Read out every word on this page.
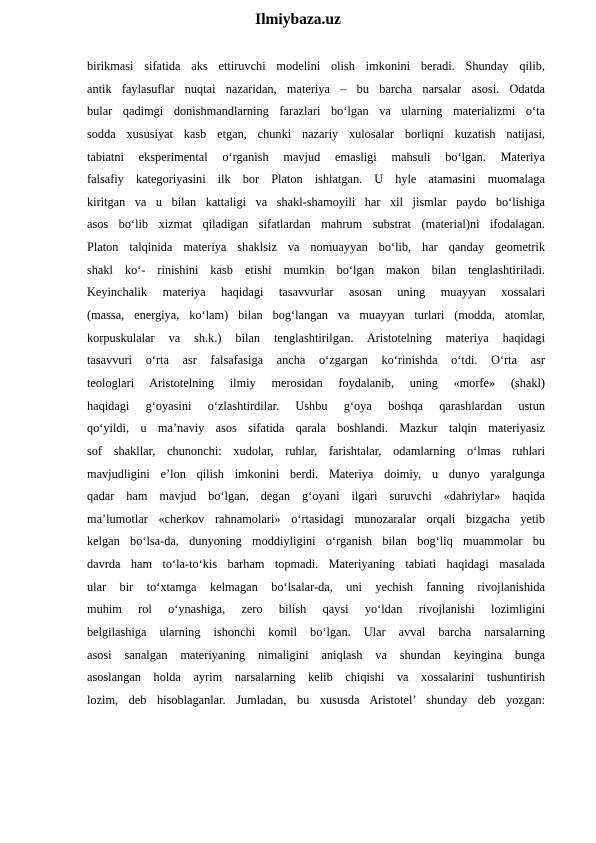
Ilmiybaza.uz
birikmasi sifatida aks ettiruvchi modelini olish imkonini beradi. Shunday qilib,
antik faylasuflar nuqtai nazaridan, materiya – bu barcha narsalar asosi. Odatda
bular qadimgi donishmandlarning farazlari bo‘lgan va ularning materializmi o‘ta
sodda xususiyat kasb etgan, chunki nazariy xulosalar borliqni kuzatish natijasi,
tabiatni eksperimental o‘rganish mavjud emasligi mahsuli bo‘lgan. Materiya
falsafiy kategoriyasini ilk bor Platon ishlatgan. U hyle atamasini muomalaga
kiritgan va u bilan kattaligi va shakl-shamoyili har xil jismlar paydo bo‘lishiga
asos bo‘lib xizmat qiladigan sifatlardan mahrum substrat (material)ni ifodalagan.
Platon talqinida materiya shaklsiz va nomuayyan bo‘lib, har qanday geometrik
shakl ko‘- rinishini kasb etishi mumkin bo‘lgan makon bilan tenglashtiriladi.
Keyinchalik materiya haqidagi tasavvurlar asosan uning muayyan xossalari
(massa, energiya, ko‘lam) bilan bog‘langan va muayyan turlari (modda, atomlar,
korpuskulalar va sh.k.) bilan tenglashtirilgan. Aristotelning materiya haqidagi
tasavvuri o‘rta asr falsafasiga ancha o‘zgargan ko‘rinishda o‘tdi. O‘rta asr
teologlari Aristotelning ilmiy merosidan foydalanib, uning «morfe» (shakl)
haqidagi g‘oyasini o‘zlashtirdilar. Ushbu g‘oya boshqa qarashlardan ustun
qo‘yildi, u ma’naviy asos sifatida qarala boshlandi. Mazkur talqin materiyasiz
sof shakllar, chunonchi: xudolar, ruhlar, farishtalar, odamlarning o‘lmas ruhlari
mavjudligini e’lon qilish imkonini berdi. Materiya doimiy, u dunyo yaralgunga
qadar ham mavjud bo‘lgan, degan g‘oyani ilgari suruvchi «dahriylar» haqida
ma’lumotlar «cherkov rahnamolari» o‘rtasidagi munozaralar orqali bizgacha yetib
kelgan bo‘lsa-da, dunyoning moddiyligini o‘rganish bilan bog‘liq muammolar bu
davrda ham to‘la-to‘kis barham topmadi. Materiyaning tabiati haqidagi masalada
ular bir to‘xtamga kelmagan bo‘lsalar-da, uni yechish fanning rivojlanishida
muhim rol o‘ynashiga, zero bilish qaysi yo‘ldan rivojlanishi lozimligini
belgilashiga ularning ishonchi komil bo‘lgan. Ular avval barcha narsalarning
asosi sanalgan materiyaning nimaligini aniqlash va shundan keyingina bunga
asoslangan holda ayrim narsalarning kelib chiqishi va xossalarini tushuntirish
lozim, deb hisoblaganlar. Jumladan, bu xususda Aristotel’ shunday deb yozgan:
